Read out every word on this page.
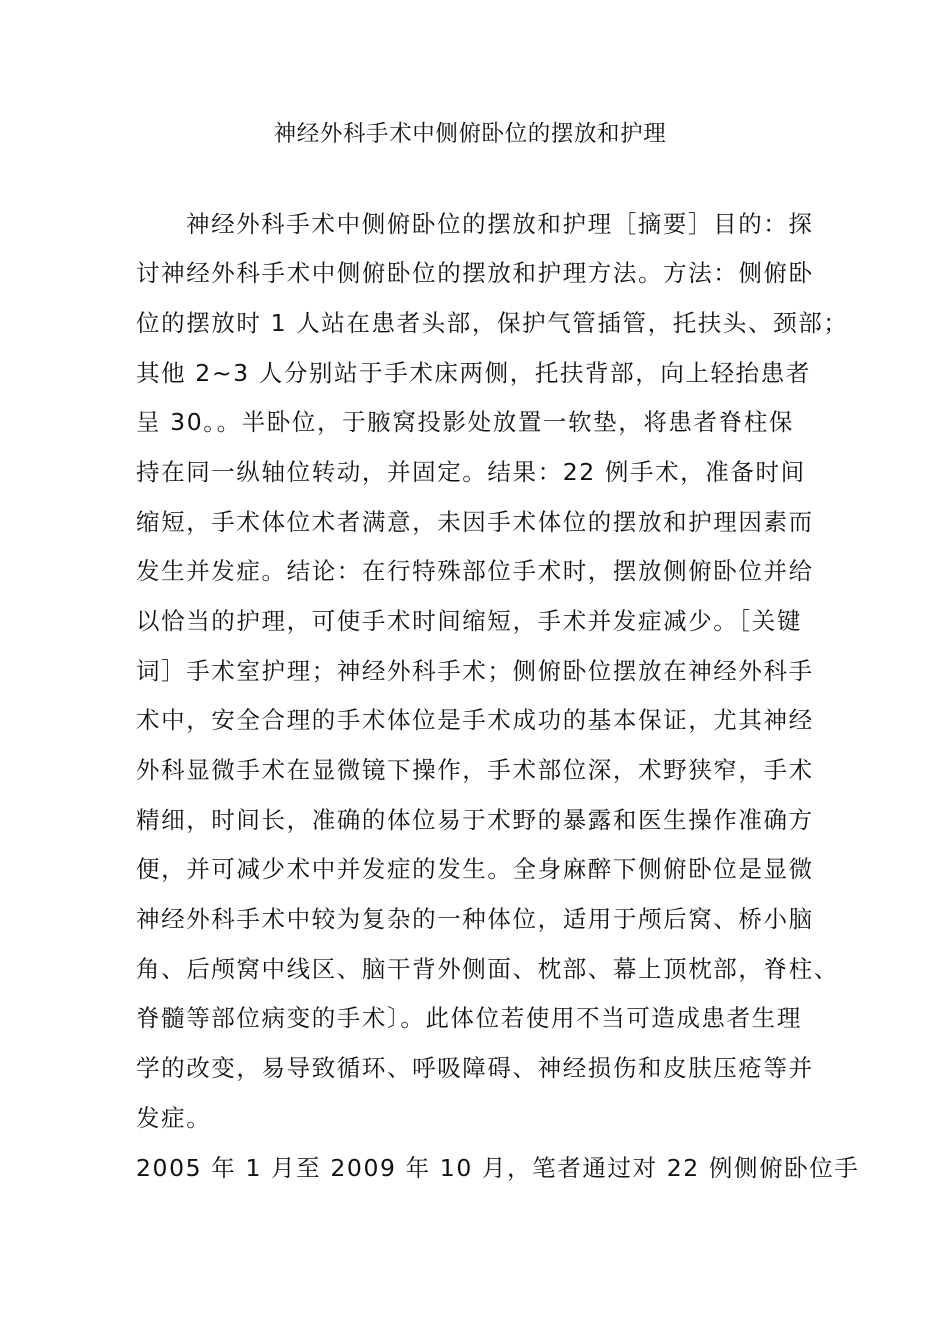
神经外科手术中侧俯卧位的摆放和护理
神经外科手术中侧俯卧位的摆放和护理［摘要］目的：探
讨神经外科手术中侧俯卧位的摆放和护理方法。方法：侧俯卧
位的摆放时 1 人站在患者头部，保护气管插管，托扶头、颈部；
其他 2~3 人分别站于手术床两侧，托扶背部，向上轻抬患者
呈 30。。半卧位，于腋窝投影处放置一软垫，将患者脊柱保
持在同一纵轴位转动，并固定。结果：22 例手术，准备时间
缩短，手术体位术者满意，未因手术体位的摆放和护理因素而
发生并发症。结论：在行特殊部位手术时，摆放侧俯卧位并给
以恰当的护理，可使手术时间缩短，手术并发症减少。［关键
词］手术室护理；神经外科手术；侧俯卧位摆放在神经外科手
术中，安全合理的手术体位是手术成功的基本保证，尤其神经
外科显微手术在显微镜下操作，手术部位深，术野狭窄，手术
精细，时间长，准确的体位易于术野的暴露和医生操作准确方
便，并可减少术中并发症的发生。全身麻醉下侧俯卧位是显微
神经外科手术中较为复杂的一种体位，适用于颅后窝、桥小脑
角、后颅窝中线区、脑干背外侧面、枕部、幕上顶枕部，脊柱、
脊髓等部位病变的手术〕。此体位若使用不当可造成患者生理
学的改变，易导致循环、呼吸障碍、神经损伤和皮肤压疮等并
发症。
2005 年 1 月至 2009 年 10 月，笔者通过对 22 例侧俯卧位手
